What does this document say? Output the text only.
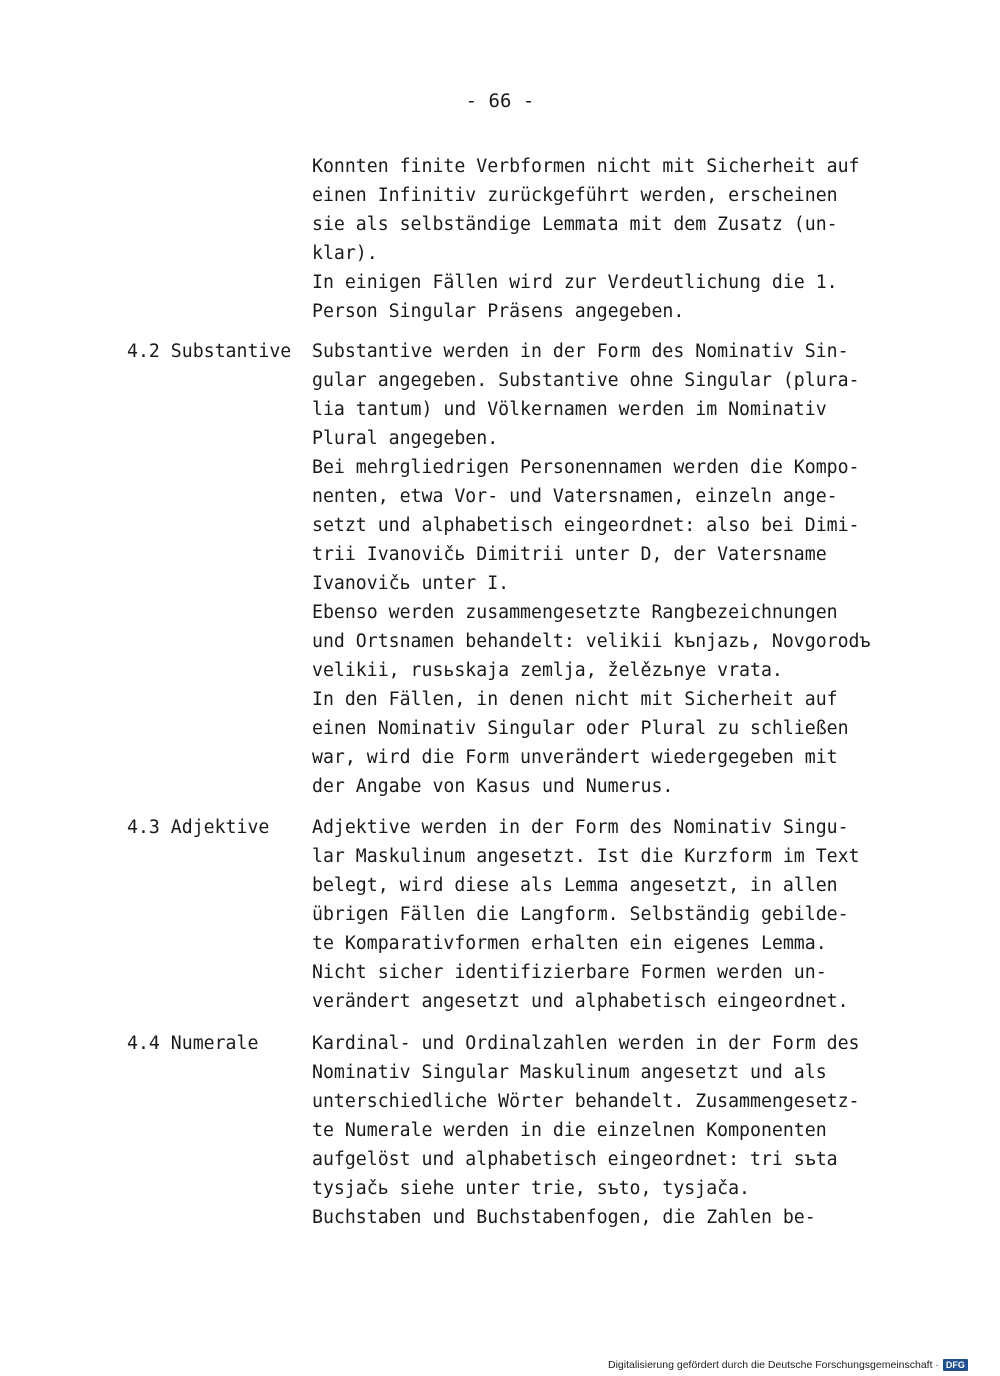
- 66 -
Konnten finite Verbformen nicht mit Sicherheit auf
einen Infinitiv zurückgeführt werden, erscheinen
sie als selbständige Lemmata mit dem Zusatz (un-
klar).
In einigen Fällen wird zur Verdeutlichung die 1.
Person Singular Präsens angegeben.
4.2 Substantive Substantive werden in der Form des Nominativ Sin-
gular angegeben. Substantive ohne Singular (plura-
lia tantum) und Völkernamen werden im Nominativ
Plural angegeben.
Bei mehrgliedrigen Personennamen werden die Kompo-
nenten, etwa Vor- und Vatersnamen, einzeln ange-
setzt und alphabetisch eingeordnet: also bei Dimi-
trii Ivanovičь Dimitrii unter D, der Vatersname
Ivanovičь unter I.
Ebenso werden zusammengesetzte Rangbezeichnungen
und Ortsnamen behandelt: velikii kъnjazь, Novgorodъ
velikii, rusьskaja zemlja, želězьnye vrata.
In den Fällen, in denen nicht mit Sicherheit auf
einen Nominativ Singular oder Plural zu schließen
war, wird die Form unverändert wiedergegeben mit
der Angabe von Kasus und Numerus.
4.3 Adjektive Adjektive werden in der Form des Nominativ Singu-
lar Maskulinum angesetzt. Ist die Kurzform im Text
belegt, wird diese als Lemma angesetzt, in allen
übrigen Fällen die Langform. Selbständig gebilde-
te Komparativformen erhalten ein eigenes Lemma.
Nicht sicher identifizierbare Formen werden un-
verändert angesetzt und alphabetisch eingeordnet.
4.4 Numerale	Kardinal- und Ordinalzahlen werden in der Form des
Nominativ Singular Maskulinum angesetzt und als
unterschiedliche Wörter behandelt. Zusammengesetz-
te Numerale werden in die einzelnen Komponenten
aufgelöst und alphabetisch eingeordnet: tri sъta
tysjačь siehe unter trie, sъto, tysjača.
Buchstaben und Buchstabenfogen, die Zahlen be-
Digitalisierung gefördert durch die Deutsche Forschungsgemeinschaft · DFG
